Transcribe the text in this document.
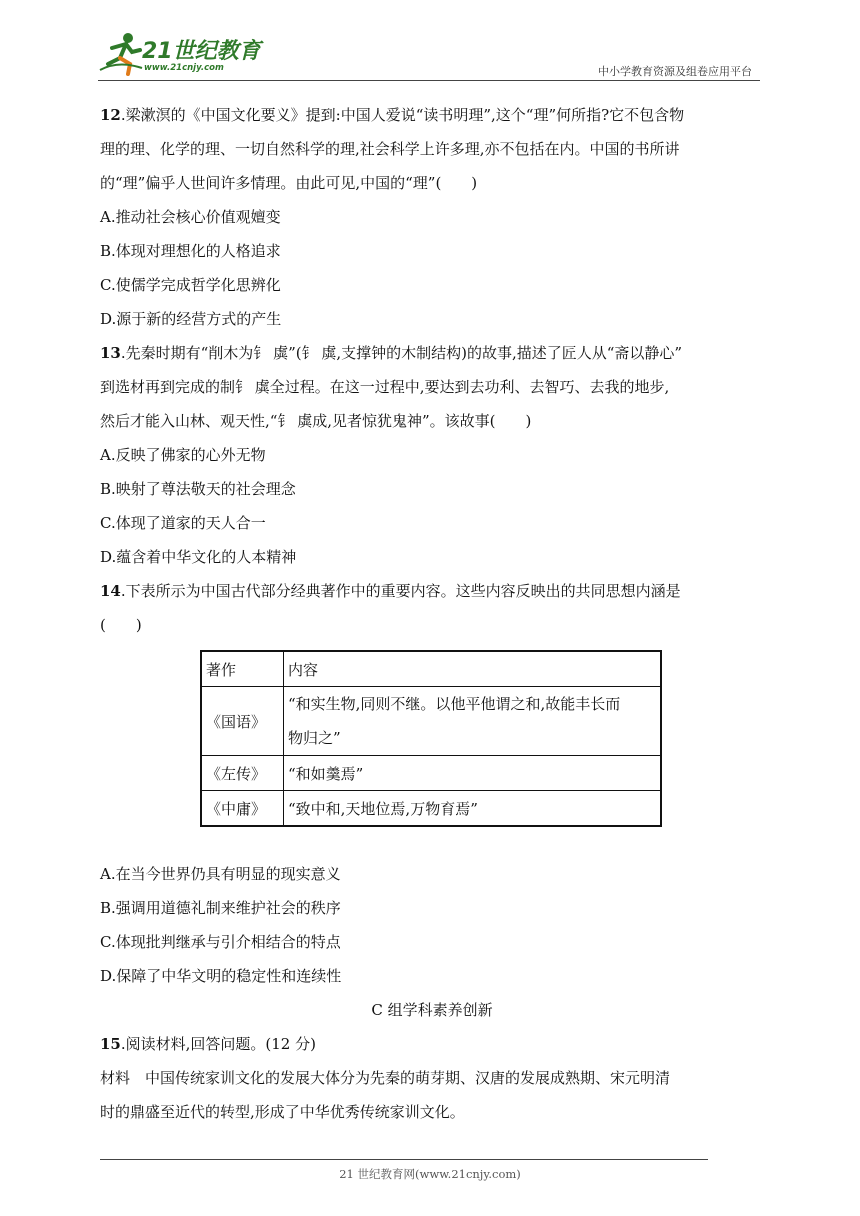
21世纪教育
www.21cnjy.com	中小学教育资源及组卷应用平台

12.梁漱溟的《中国文化要义》提到:中国人爱说“读书明理”,这个“理”何所指?它不包含物

理的理、化学的理、一切自然科学的理,社会科学上许多理,亦不包括在内。中国的书所讲

的“理”偏乎人世间许多情理。由此可见,中国的“理”(　　)

A.推动社会核心价值观嬗变

B.体现对理想化的人格追求

C.使儒学完成哲学化思辨化

D.源于新的经营方式的产生

13.先秦时期有“削木为钅 虡”(钅 虡,支撑钟的木制结构)的故事,描述了匠人从“斋以静心”

到选材再到完成的制钅 虡全过程。在这一过程中,要达到去功利、去智巧、去我的地步,

然后才能入山林、观天性,“钅 虡成,见者惊犹鬼神”。该故事(　　)

A.反映了佛家的心外无物

B.映射了尊法敬天的社会理念

C.体现了道家的天人合一

D.蕴含着中华文化的人本精神

14.下表所示为中国古代部分经典著作中的重要内容。这些内容反映出的共同思想内涵是

(　　)

著作	内容
《国语》	“和实生物,同则不继。以他平他谓之和,故能丰长而
物归之”

《左传》	“和如羹焉”
《中庸》	“致中和,天地位焉,万物育焉”

A.在当今世界仍具有明显的现实意义

B.强调用道德礼制来维护社会的秩序

C.体现批判继承与引介相结合的特点

D.保障了中华文明的稳定性和连续性

C 组学科素养创新

15.阅读材料,回答问题。(12 分)

材料　中国传统家训文化的发展大体分为先秦的萌芽期、汉唐的发展成熟期、宋元明清

时的鼎盛至近代的转型,形成了中华优秀传统家训文化。

21 世纪教育网(www.21cnjy.com)
